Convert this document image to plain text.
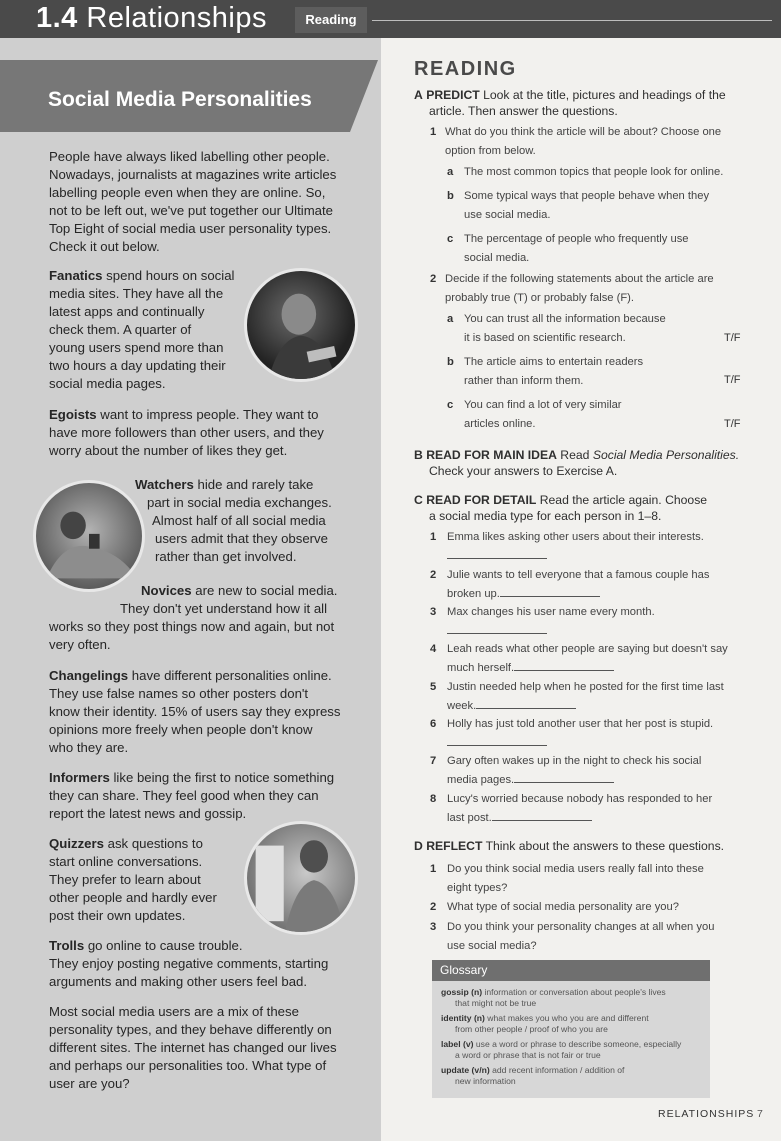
1.4 Relationships	Reading
Social Media Personalities
People have always liked labelling other people.
Nowadays, journalists at magazines write articles
labelling people even when they are online. So,
not to be left out, we've put together our Ultimate
Top Eight of social media user personality types.
Check it out below.
Fanatics spend hours on social
media sites. They have all the
latest apps and continually
check them. A quarter of
young users spend more than
two hours a day updating their
social media pages.
Egoists want to impress people. They want to
have more followers than other users, and they
worry about the number of likes they get.
Watchers hide and rarely take
part in social media exchanges.
Almost half of all social media
users admit that they observe
rather than get involved.
Novices are new to social media.
They don't yet understand how it all
works so they post things now and again, but not
very often.
Changelings have different personalities online.
They use false names so other posters don't
know their identity. 15% of users say they express
opinions more freely when people don't know
who they are.
Informers like being the first to notice something
they can share. They feel good when they can
report the latest news and gossip.
Quizzers ask questions to
start online conversations.
They prefer to learn about
other people and hardly ever
post their own updates.
Trolls go online to cause trouble.
They enjoy posting negative comments, starting
arguments and making other users feel bad.
Most social media users are a mix of these
personality types, and they behave differently on
different sites. The internet has changed our lives
and perhaps our personalities too. What type of
user are you?
READING
A PREDICT Look at the title, pictures and headings of the
article. Then answer the questions.
1 What do you think the article will be about? Choose one
option from below.
a The most common topics that people look for online.
b Some typical ways that people behave when they
use social media.
c The percentage of people who frequently use
social media.
2 Decide if the following statements about the article are
probably true (T) or probably false (F).
a You can trust all the information because
it is based on scientific research.	T/F
b The article aims to entertain readers
rather than inform them.	T/F
c You can find a lot of very similar
articles online.	T/F
B READ FOR MAIN IDEA Read Social Media Personalities.
Check your answers to Exercise A.
C READ FOR DETAIL Read the article again. Choose
a social media type for each person in 1–8.
1 Emma likes asking other users about their interests.
2 Julie wants to tell everyone that a famous couple has
broken up.
3 Max changes his user name every month.
4 Leah reads what other people are saying but doesn't say
much herself.
5 Justin needed help when he posted for the first time last
week.
6 Holly has just told another user that her post is stupid.
7 Gary often wakes up in the night to check his social
media pages.
8 Lucy's worried because nobody has responded to her
last post.
D REFLECT Think about the answers to these questions.
1 Do you think social media users really fall into these
eight types?
2 What type of social media personality are you?
3 Do you think your personality changes at all when you
use social media?
Glossary
gossip (n) information or conversation about people's lives
that might not be true
identity (n) what makes you who you are and different
from other people / proof of who you are
label (v) use a word or phrase to describe someone, especially
a word or phrase that is not fair or true
update (v/n) add recent information / addition of
new information
RELATIONSHIPS 7
